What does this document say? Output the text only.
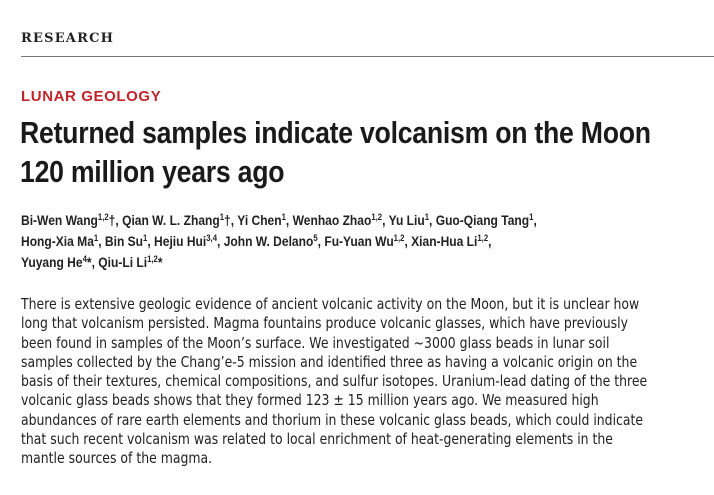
RESEARCH
LUNAR GEOLOGY
Returned samples indicate volcanism on the Moon
120 million years ago
Bi-Wen Wang$^{1,2}$†, Qian W. L. Zhang$^1$†, Yi Chen$^1$, Wenhao Zhao$^{1,2}$, Yu Liu$^1$, Guo-Qiang Tang$^1$,
Hong-Xia Ma$^1$, Bin Su$^1$, Hejiu Hui$^{3,4}$, John W. Delano$^5$, Fu-Yuan Wu$^{1,2}$, Xian-Hua Li$^{1,2}$,
Yuyang He$^4$*, Qiu-Li Li$^{1,2}$*
There is extensive geologic evidence of ancient volcanic activity on the Moon, but it is unclear how
long that volcanism persisted. Magma fountains produce volcanic glasses, which have previously
been found in samples of the Moon’s surface. We investigated ~3000 glass beads in lunar soil
samples collected by the Chang’e-5 mission and identified three as having a volcanic origin on the
basis of their textures, chemical compositions, and sulfur isotopes. Uranium-lead dating of the three
volcanic glass beads shows that they formed 123 ± 15 million years ago. We measured high
abundances of rare earth elements and thorium in these volcanic glass beads, which could indicate
that such recent volcanism was related to local enrichment of heat-generating elements in the
mantle sources of the magma.
